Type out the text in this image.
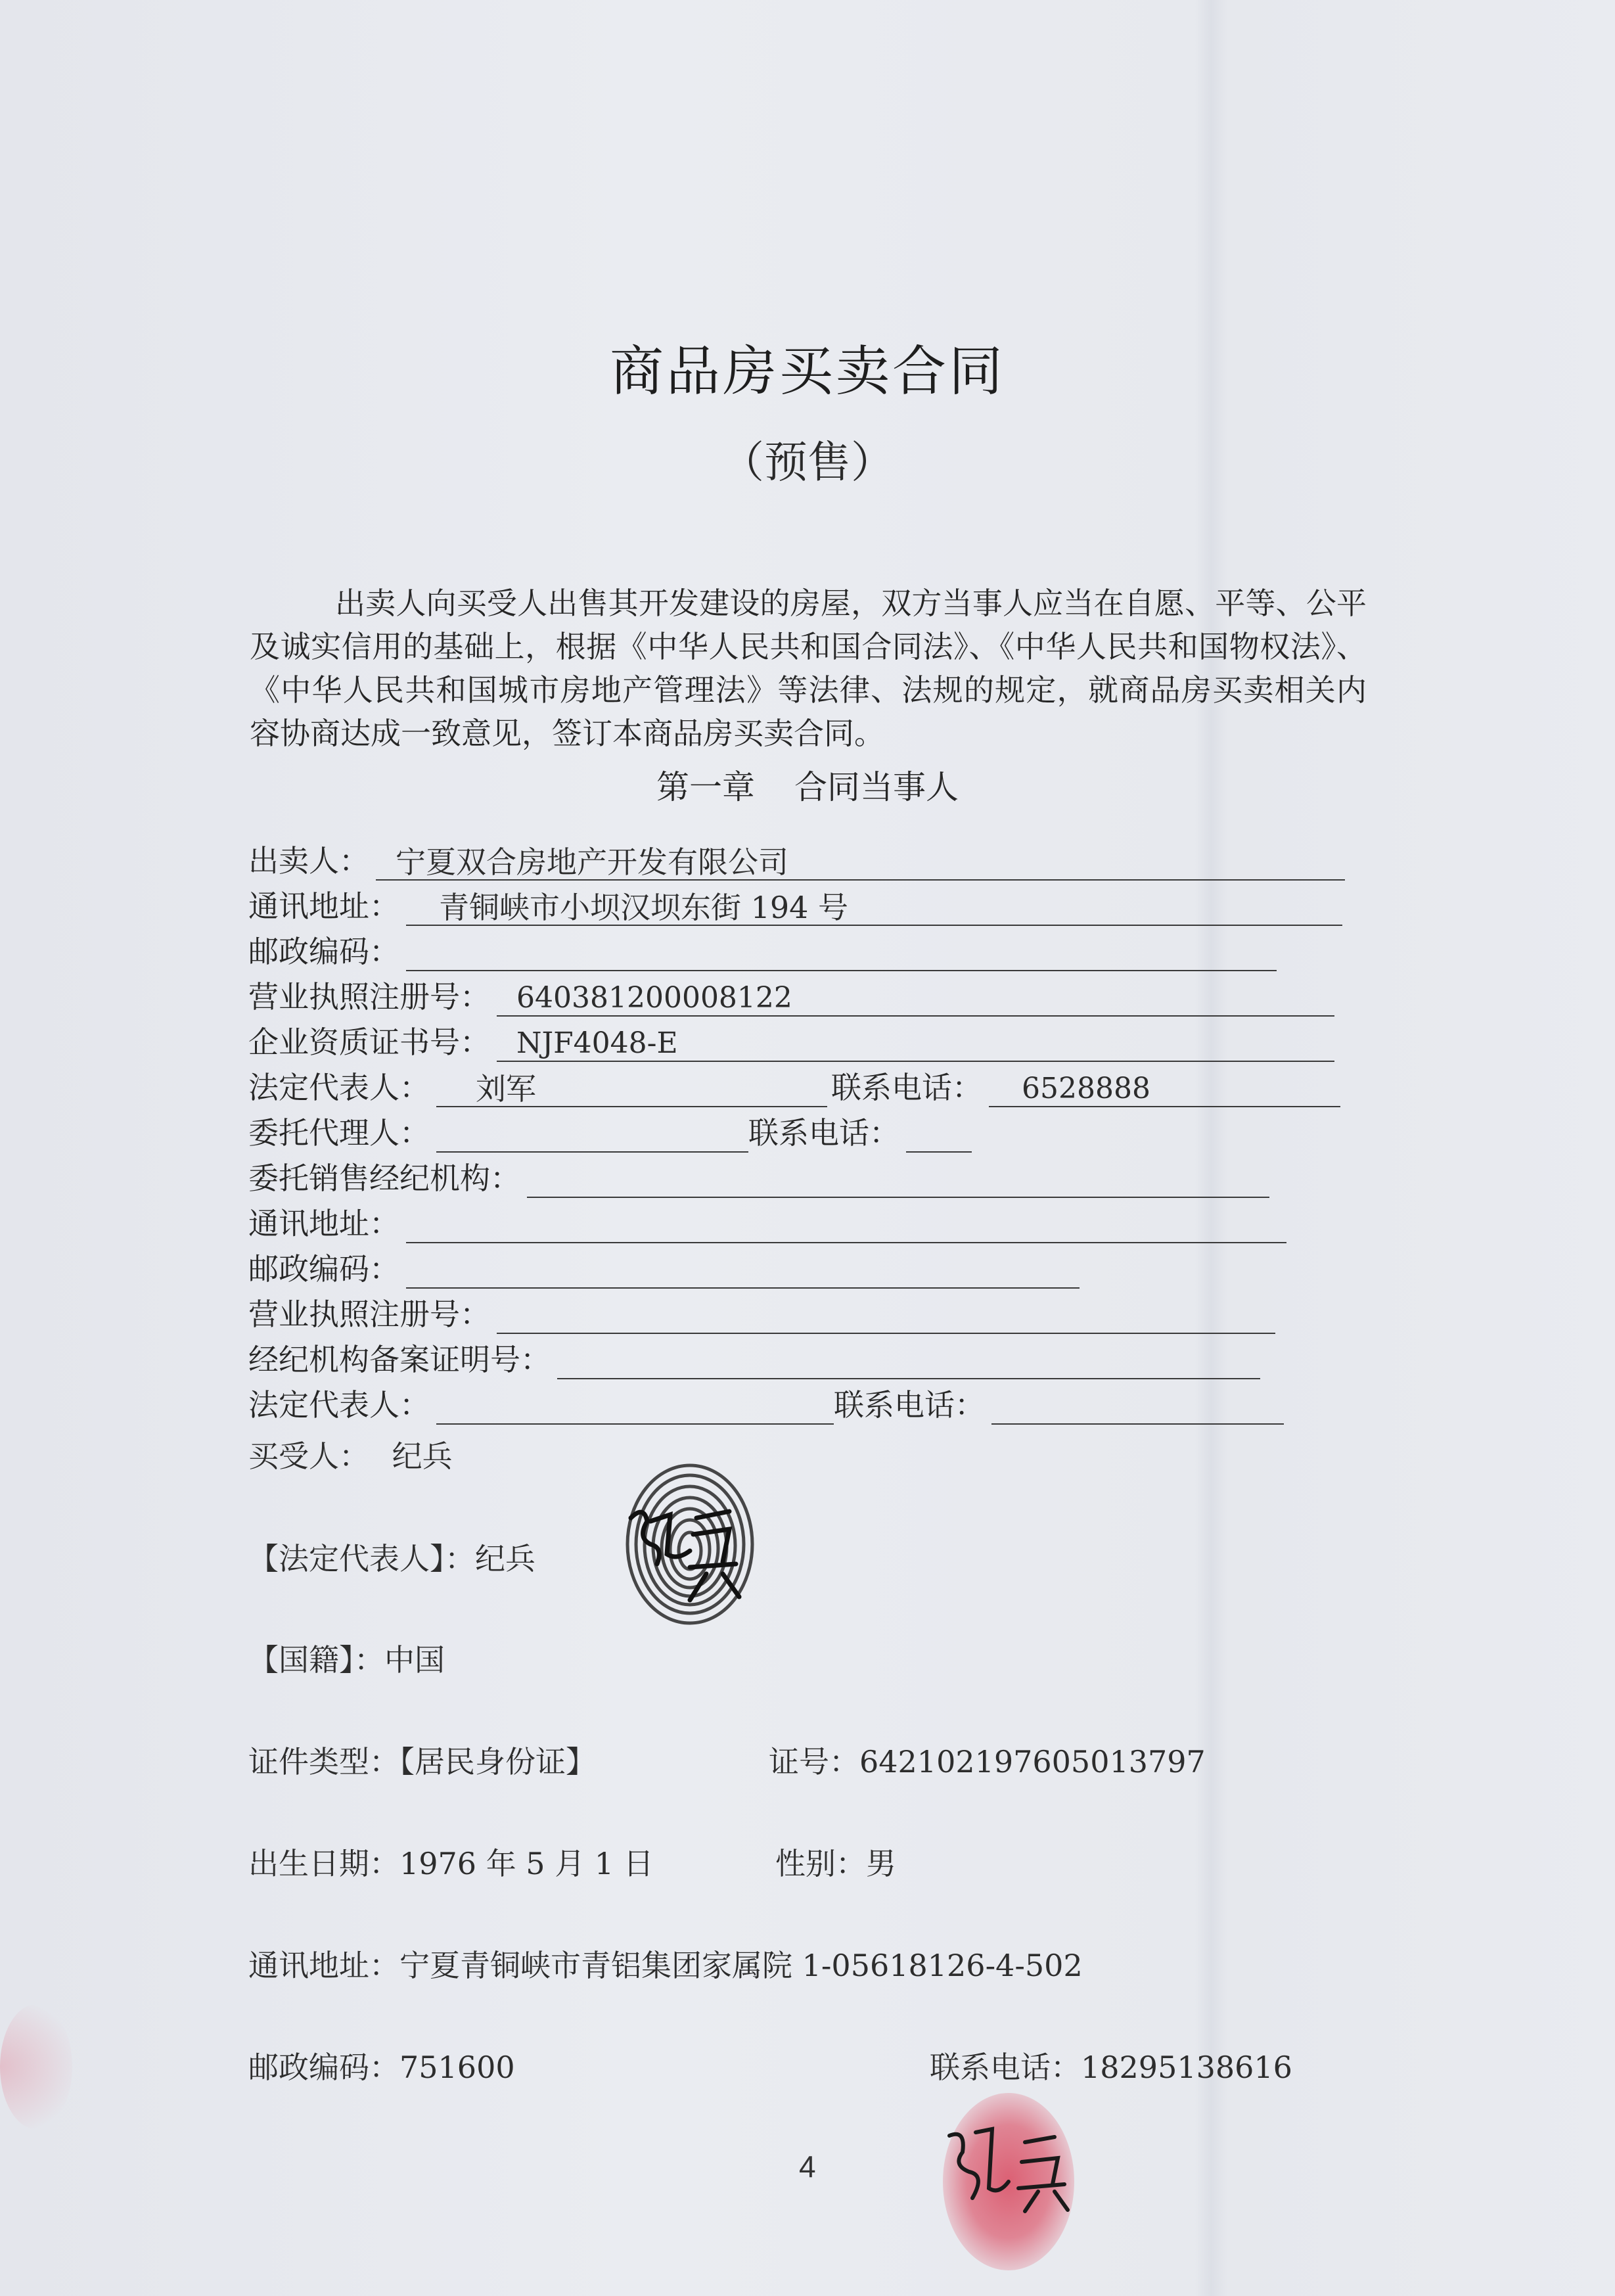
商品房买卖合同
（预售）

出卖人向买受人出售其开发建设的房屋，双方当事人应当在自愿、平等、公平及诚实信用的基础上，根据《中华人民共和国合同法》、《中华人民共和国物权法》、《中华人民共和国城市房地产管理法》等法律、法规的规定，就商品房买卖相关内容协商达成一致意见，签订本商品房买卖合同。

第一章 合同当事人
出卖人： 宁夏双合房地产开发有限公司
通讯地址：	青铜峡市小坝汉坝东街 194 号
邮政编码：
营业执照注册号： 640381200008122
企业资质证书号： NJF4048-E
法定代表人：	刘军	联系电话：	6528888
委托代理人：	联系电话：
委托销售经纪机构：
通讯地址：
邮政编码：
营业执照注册号：
经纪机构备案证明号：
法定代表人：	联系电话：
买受人： 纪兵
【法定代表人】：纪兵
【国籍】：中国
证件类型：【居民身份证】	证号：642102197605013797
出生日期：1976 年 5 月 1 日	性别：男
通讯地址：宁夏青铜峡市青铝集团家属院 1-05618126-4-502
邮政编码：751600	联系电话：18295138616
4
